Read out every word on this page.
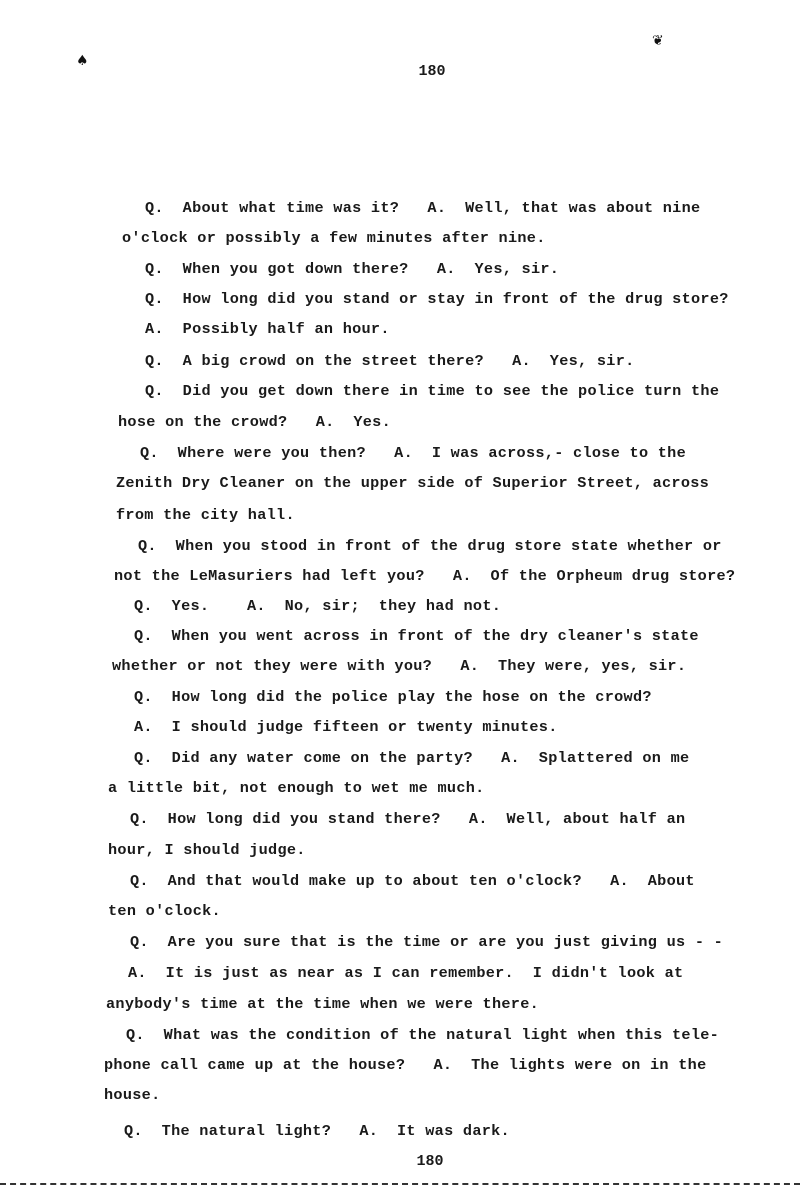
♠
❦
180
Q.  About what time was it?   A.  Well, that was about nine
o'clock or possibly a few minutes after nine.
Q.  When you got down there?   A.  Yes, sir.
Q.  How long did you stand or stay in front of the drug store?
A.  Possibly half an hour.
Q.  A big crowd on the street there?   A.  Yes, sir.
Q.  Did you get down there in time to see the police turn the
hose on the crowd?   A.  Yes.
Q.  Where were you then?   A.  I was across,- close to the
Zenith Dry Cleaner on the upper side of Superior Street, across
from the city hall.
Q.  When you stood in front of the drug store state whether or
not the LeMasuriers had left you?   A.  Of the Orpheum drug store?
Q.  Yes.    A.  No, sir;  they had not.
Q.  When you went across in front of the dry cleaner's state
whether or not they were with you?   A.  They were, yes, sir.
Q.  How long did the police play the hose on the crowd?
A.  I should judge fifteen or twenty minutes.
Q.  Did any water come on the party?   A.  Splattered on me
a little bit, not enough to wet me much.
Q.  How long did you stand there?   A.  Well, about half an
hour, I should judge.
Q.  And that would make up to about ten o'clock?   A.  About
ten o'clock.
Q.  Are you sure that is the time or are you just giving us - -
A.  It is just as near as I can remember.  I didn't look at
anybody's time at the time when we were there.
Q.  What was the condition of the natural light when this tele-
phone call came up at the house?   A.  The lights were on in the
house.
Q.  The natural light?   A.  It was dark.
180
